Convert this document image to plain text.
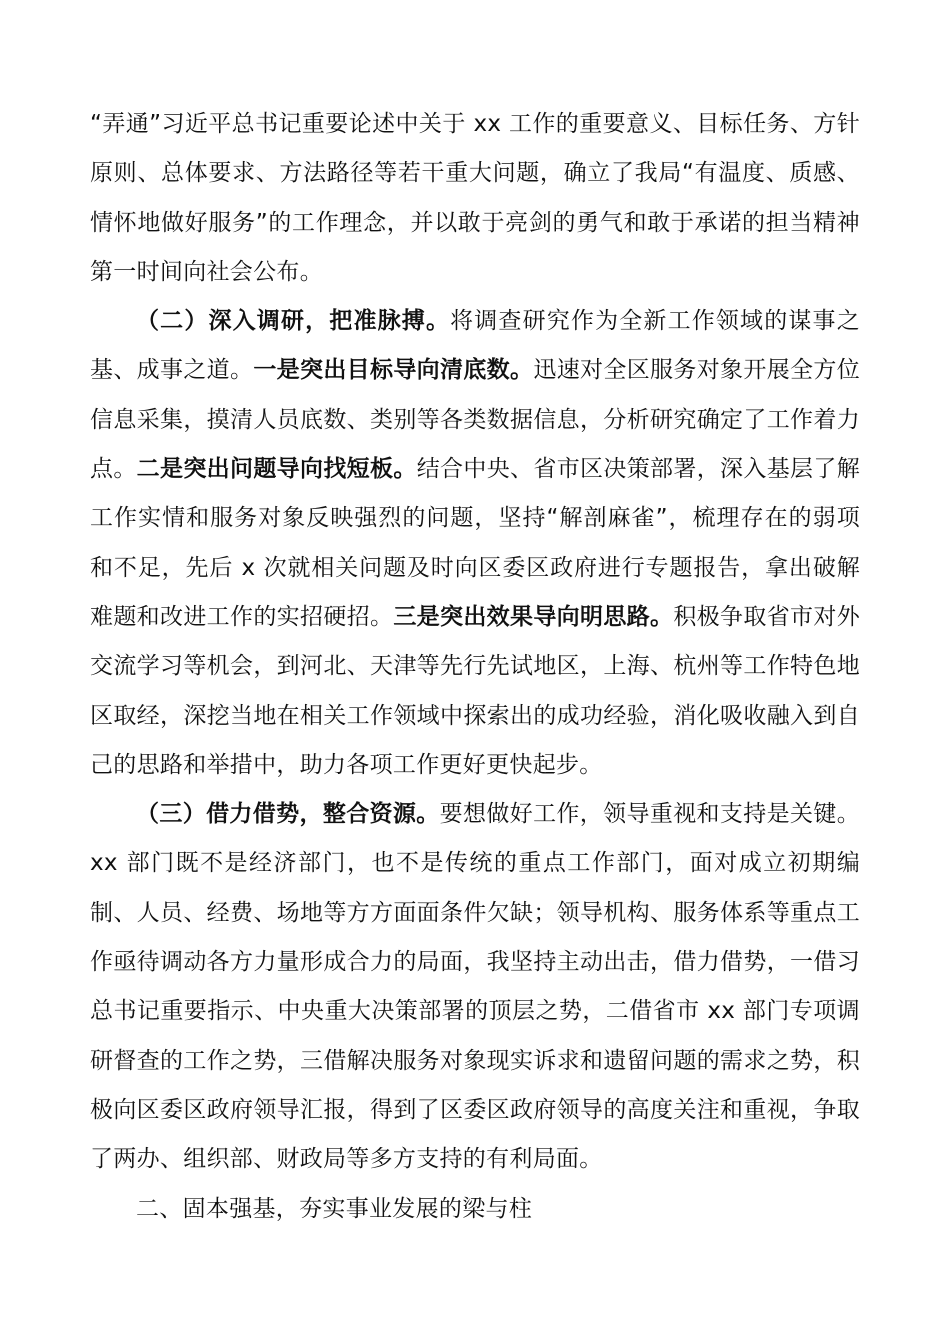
“弄通”习近平总书记重要论述中关于 xx 工作的重要意义、目标任务、方针原则、总体要求、方法路径等若干重大问题，确立了我局“有温度、质感、情怀地做好服务”的工作理念，并以敢于亮剑的勇气和敢于承诺的担当精神第一时间向社会公布。

（二）深入调研，把准脉搏。将调查研究作为全新工作领域的谋事之基、成事之道。一是突出目标导向清底数。迅速对全区服务对象开展全方位信息采集，摸清人员底数、类别等各类数据信息，分析研究确定了工作着力点。二是突出问题导向找短板。结合中央、省市区决策部署，深入基层了解工作实情和服务对象反映强烈的问题，坚持“解剖麻雀”，梳理存在的弱项和不足，先后 x 次就相关问题及时向区委区政府进行专题报告，拿出破解难题和改进工作的实招硬招。三是突出效果导向明思路。积极争取省市对外交流学习等机会，到河北、天津等先行先试地区，上海、杭州等工作特色地区取经，深挖当地在相关工作领域中探索出的成功经验，消化吸收融入到自己的思路和举措中，助力各项工作更好更快起步。

（三）借力借势，整合资源。要想做好工作，领导重视和支持是关键。xx 部门既不是经济部门，也不是传统的重点工作部门，面对成立初期编制、人员、经费、场地等方方面面条件欠缺；领导机构、服务体系等重点工作亟待调动各方力量形成合力的局面，我坚持主动出击，借力借势，一借习总书记重要指示、中央重大决策部署的顶层之势，二借省市 xx 部门专项调研督查的工作之势，三借解决服务对象现实诉求和遗留问题的需求之势，积极向区委区政府领导汇报，得到了区委区政府领导的高度关注和重视，争取了两办、组织部、财政局等多方支持的有利局面。

二、固本强基，夯实事业发展的梁与柱
